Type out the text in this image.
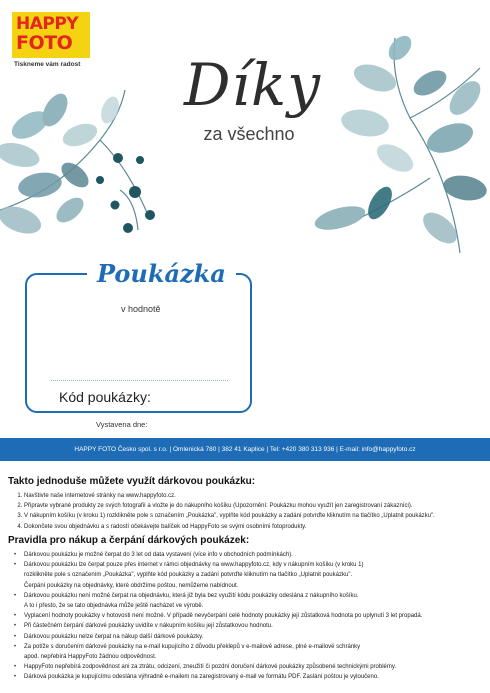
HAPPY
FOTO
Tiskneme vám radost Díky
za všechno
Poukázka
v hodnotě
Kód poukázky:
Vystavena dne:
HAPPY FOTO Česko spol. s r.o. | Omlenická 780 | 382 41 Kaplice | Tel: +420 380 313 936 | E-mail: info@happyfoto.cz
Takto jednoduše můžete využít dárkovou poukázku:
1. Navštivte naše internetové stránky na www.happyfoto.cz.
2. Připravte vybrané produkty ze svých fotografií a vložte je do nákupního košíku (Upozornění: Poukázku mohou využít jen zaregistrovaní zákazníci).
3. V nákupním košíku (v kroku 1) rozklikněte pole s označením „Poukázka", vyplňte kód poukázky a zadání potvrďte kliknutím na tlačítko „Uplatnit poukázku".
4. Dokončete svou objednávku a s radostí očekávejte balíček od HappyFoto se svými osobními fotoprodukty.
Pravidla pro nákup a čerpání dárkových poukázek:
• Dárkovou poukázku je možné čerpat do 3 let od data vystavení (více info v obchodních podmínkách).
• Dárkovou poukázku lze čerpat pouze přes internet v rámci objednávky na www.happyfoto.cz, kdy v nákupním košíku (v kroku 1)
rozklikněte pole s označením „Poukázka", vyplňte kód poukázky a zadání potvrďte kliknutím na tlačítko „Uplatnit poukázku".
Čerpání poukázky na objednávky, které obdržíme poštou, nemůžeme nabídnout.
• Dárkovou poukázku není možné čerpat na objednávku, která již byla bez využití kódu poukázky odeslána z nákupního košíku.
A to i přesto, že se tato objednávka může ještě nacházet ve výrobě.
• Vyplacení hodnoty poukázky v hotovosti není možné. V případě nevyčerpání celé hodnoty poukázky její zůstatková hodnota po uplynutí 3 let propadá.
• Při částečném čerpání dárkové poukázky uvidíte v nákupním košíku její zůstatkovou hodnotu.
• Dárkovou poukázku nelze čerpat na nákup další dárkové poukázky.
• Za potíže s doručením dárkové poukázky na e-mail kupujícího z důvodu překlepů v e-mailové adrese, plné e-mailové schránky
apod. nepřebírá HappyFoto žádnou odpovědnost.
• HappyFoto nepřebírá zodpovědnost ani za ztrátu, odcizení, zneužití či pozdní doručení dárkové poukázky způsobené technickými problémy.
• Dárková poukázka je kupujícímu odeslána výhradně e-mailem na zaregistrovaný e-mail ve formátu PDF. Zaslání poštou je vyloučeno.
